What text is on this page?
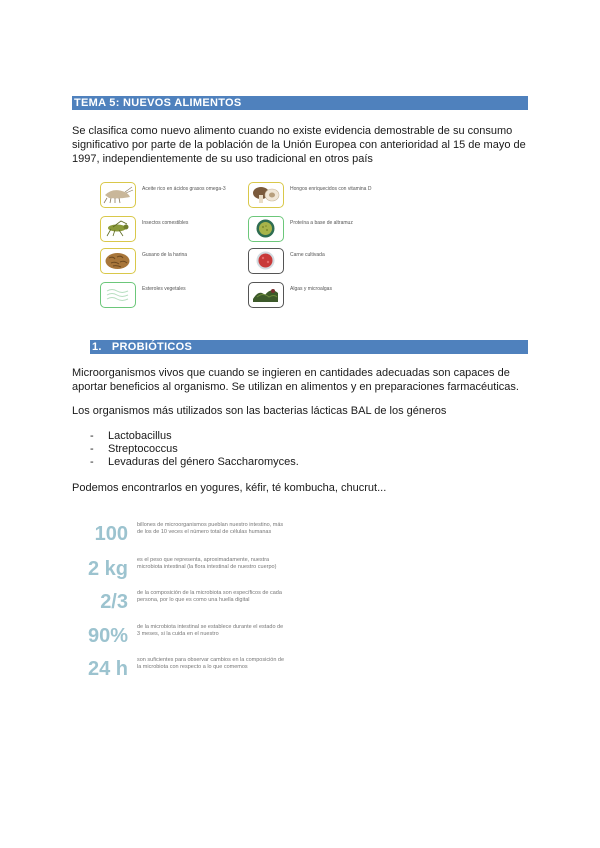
TEMA 5: NUEVOS ALIMENTOS
Se clasifica como nuevo alimento cuando no existe evidencia demostrable de su consumo significativo por parte de la población de la Unión Europea con anterioridad al 15 de mayo de 1997, independientemente de su uso tradicional en otros país
Aceite rico en ácidos grasos omega-3	Hongos enriquecidos con vitamina D
Insectos comestibles	Proteína a base de altramuz
Gusano de la harina	Carne cultivada
Esteroles vegetales	Algas y microalgas
1. PROBIÓTICOS
Microorganismos vivos que cuando se ingieren en cantidades adecuadas son capaces de aportar beneficios al organismo. Se utilizan en alimentos y en preparaciones farmacéuticas.
Los organismos más utilizados son las bacterias lácticas BAL de los géneros
- Lactobacillus
- Streptococcus
- Levaduras del género Saccharomyces.
Podemos encontrarlos en yogures, kéfir, té kombucha, chucrut...
100 billones de microorganismos pueblan nuestro intestino, más de los de 10 veces el número total de células humanas
2 kg es el peso que representa, aproximadamente, nuestra microbiota intestinal (la flora intestinal de nuestro cuerpo)
2/3 de la composición de la microbiota son específicos de cada persona, por lo que es como una huella digital
90% de la microbiota intestinal se establece durante el estado de 3 meses, si la cuida en el nuestro
24 h son suficientes para observar cambios en la composición de la microbiota con respecto a lo que comemos
